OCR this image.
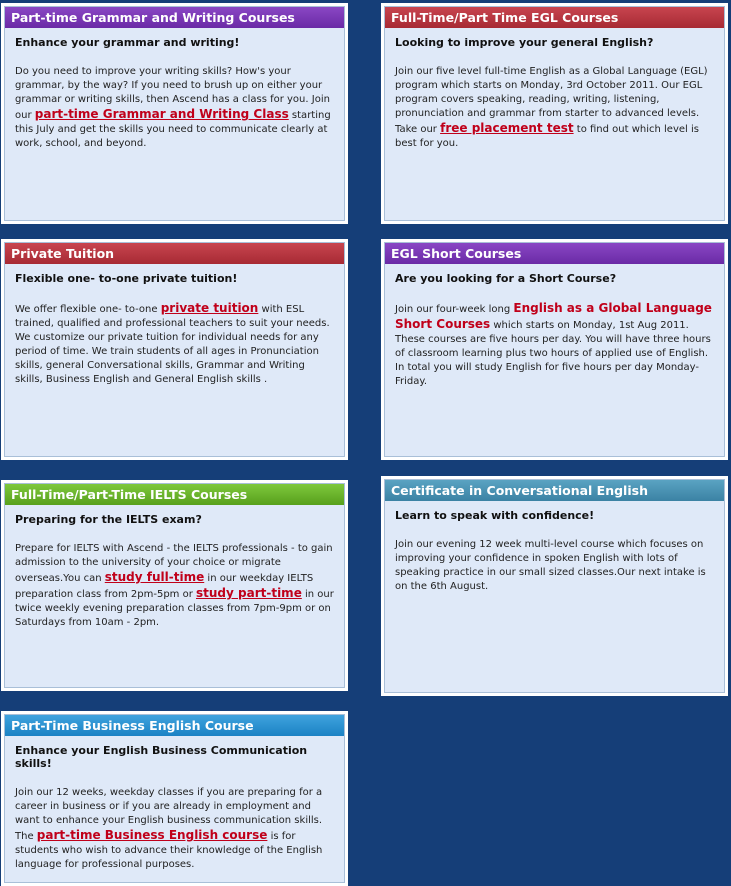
Part-time Grammar and Writing Courses

Enhance your grammar and writing!

Do you need to improve your writing skills? How's your grammar, by the way? If you need to brush up on either your grammar or writing skills, then Ascend has a class for you. Join our part-time Grammar and Writing Class starting this July and get the skills you need to communicate clearly at work, school, and beyond.

Full-Time/Part Time EGL Courses

Looking to improve your general English?

Join our five level full-time English as a Global Language (EGL) program which starts on Monday, 3rd October 2011. Our EGL program covers speaking, reading, writing, listening, pronunciation and grammar from starter to advanced levels. Take our free placement test to find out which level is best for you.

Private Tuition

Flexible one- to-one private tuition!

We offer flexible one- to-one private tuition with ESL trained, qualified and professional teachers to suit your needs. We customize our private tuition for individual needs for any period of time. We train students of all ages in Pronunciation skills, general Conversational skills, Grammar and Writing skills, Business English and General English skills .

EGL Short Courses

Are you looking for a Short Course?

Join our four-week long English as a Global Language Short Courses which starts on Monday, 1st Aug 2011. These courses are five hours per day. You will have three hours of classroom learning plus two hours of applied use of English. In total you will study English for five hours per day Monday-Friday.

Full-Time/Part-Time IELTS Courses

Preparing for the IELTS exam?

Prepare for IELTS with Ascend - the IELTS professionals - to gain admission to the university of your choice or migrate overseas.You can study full-time in our weekday IELTS preparation class from 2pm-5pm or study part-time in our twice weekly evening preparation classes from 7pm-9pm or on Saturdays from 10am - 2pm.

Certificate in Conversational English

Learn to speak with confidence!

Join our evening 12 week multi-level course which focuses on improving your confidence in spoken English with lots of speaking practice in our small sized classes.Our next intake is on the 6th August.

Part-Time Business English Course

Enhance your English Business Communication skills!

Join our 12 weeks, weekday classes if you are preparing for a career in business or if you are already in employment and want to enhance your English business communication skills. The part-time Business English course is for students who wish to advance their knowledge of the English language for professional purposes.
